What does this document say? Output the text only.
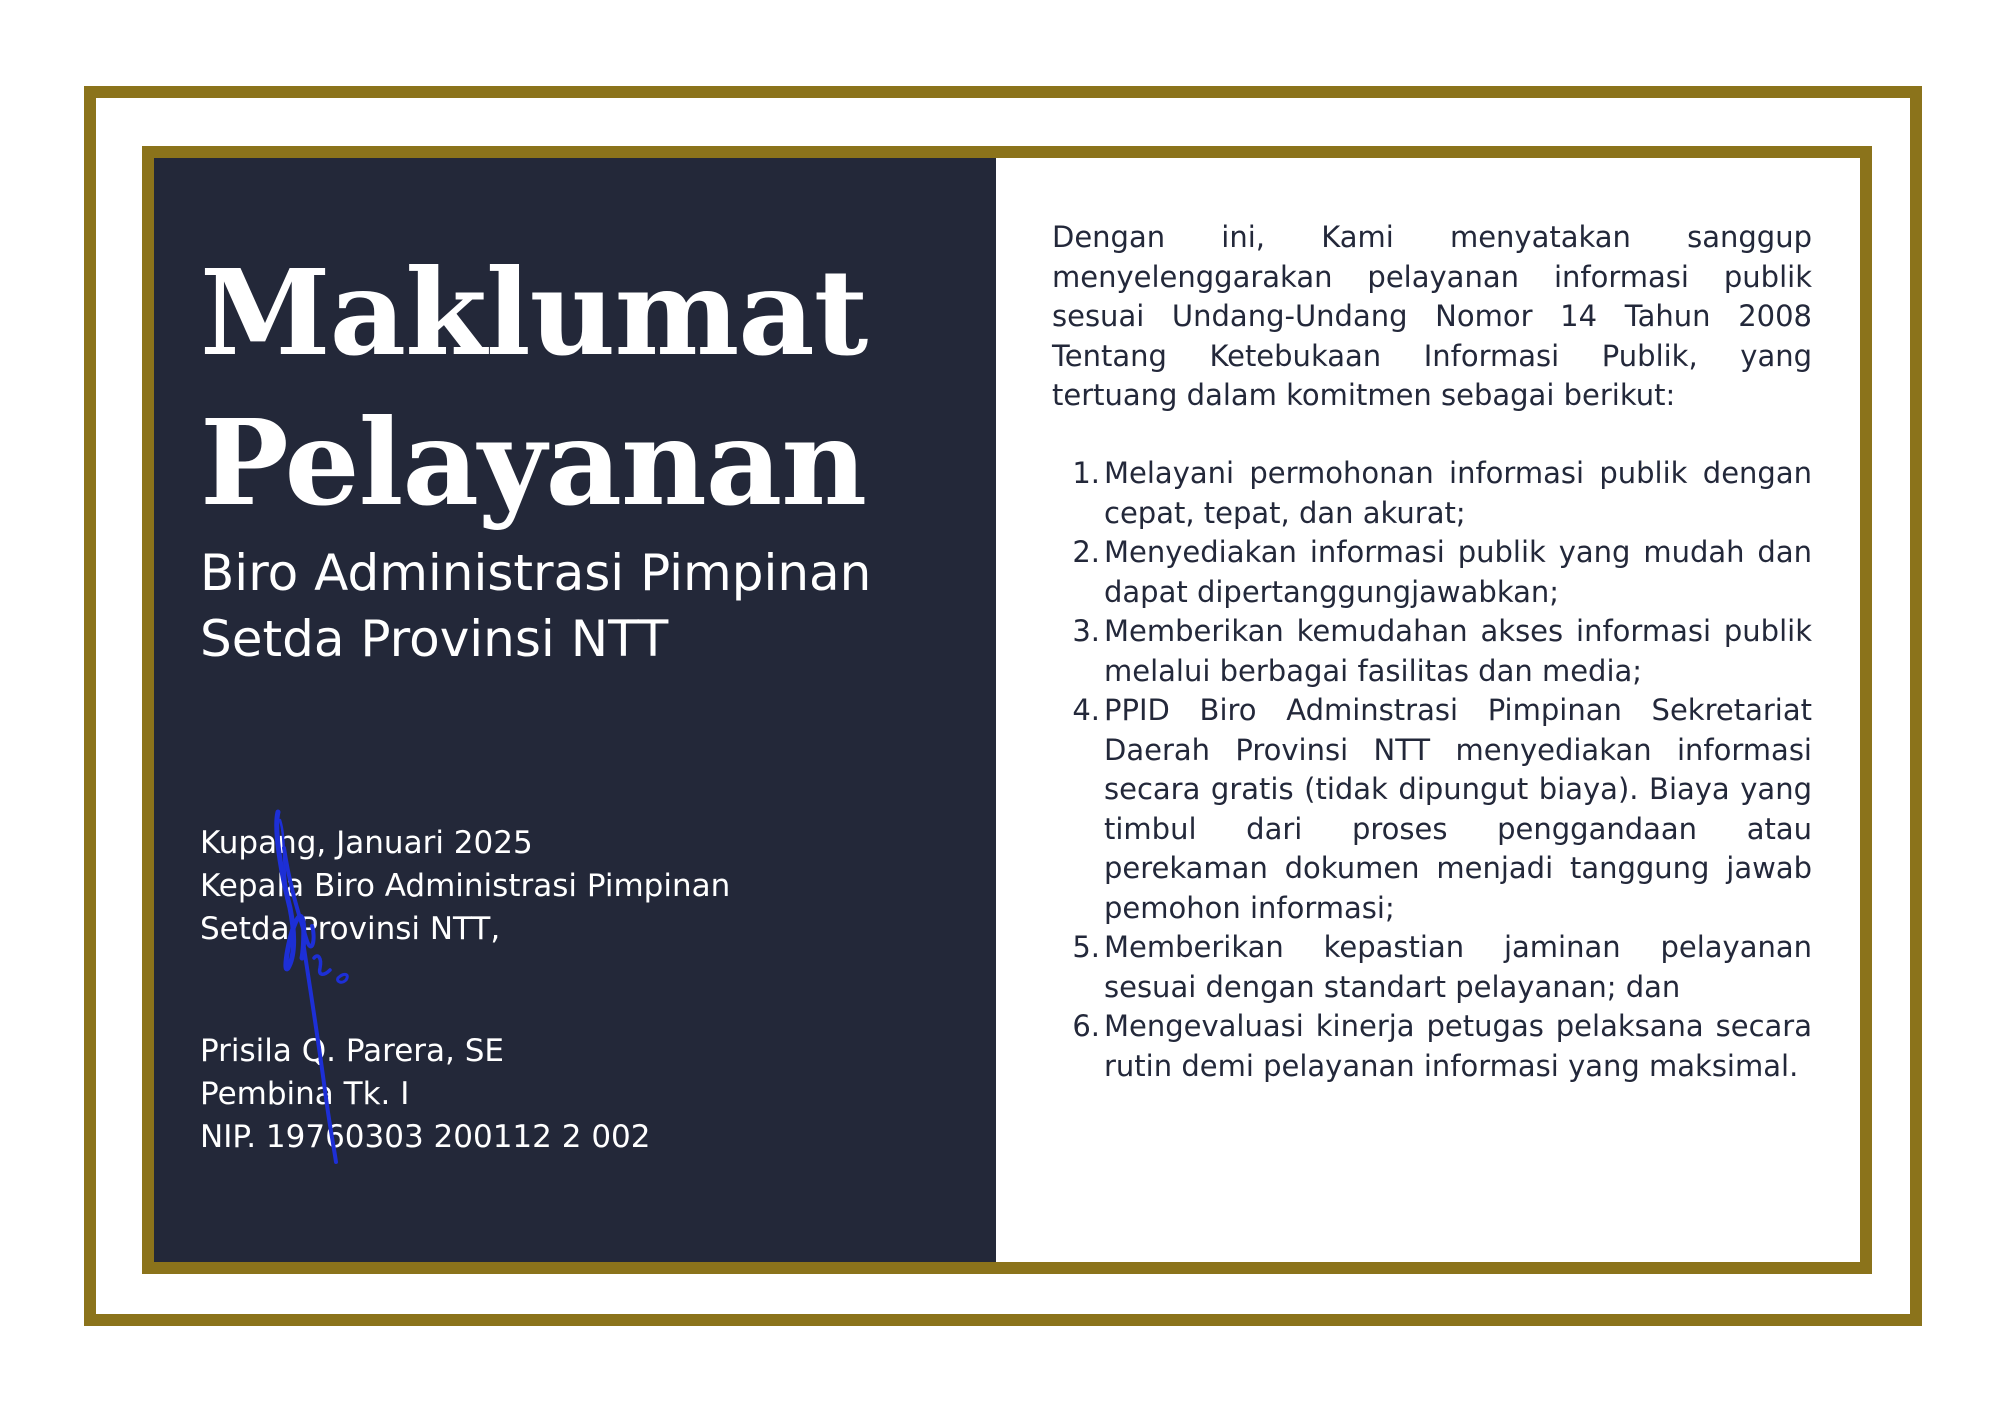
Maklumat
Pelayanan
Biro Administrasi Pimpinan
Setda Provinsi NTT
Kupang, Januari 2025
Kepala Biro Administrasi Pimpinan
Setda Provinsi NTT,
Prisila Q. Parera, SE
Pembina Tk. I
NIP. 19760303 200112 2 002

Dengan ini, Kami menyatakan sanggup menyelenggarakan pelayanan informasi publik sesuai Undang-Undang Nomor 14 Tahun 2008 Tentang Ketebukaan Informasi Publik, yang tertuang dalam komitmen sebagai berikut:

1. Melayani permohonan informasi publik dengan cepat, tepat, dan akurat;
2. Menyediakan informasi publik yang mudah dan dapat dipertanggungjawabkan;
3. Memberikan kemudahan akses informasi publik melalui berbagai fasilitas dan media;
4. PPID Biro Adminstrasi Pimpinan Sekretariat Daerah Provinsi NTT menyediakan informasi secara gratis (tidak dipungut biaya). Biaya yang timbul dari proses penggandaan atau perekaman dokumen menjadi tanggung jawab pemohon informasi;
5. Memberikan kepastian jaminan pelayanan sesuai dengan standart pelayanan; dan
6. Mengevaluasi kinerja petugas pelaksana secara rutin demi pelayanan informasi yang maksimal.
